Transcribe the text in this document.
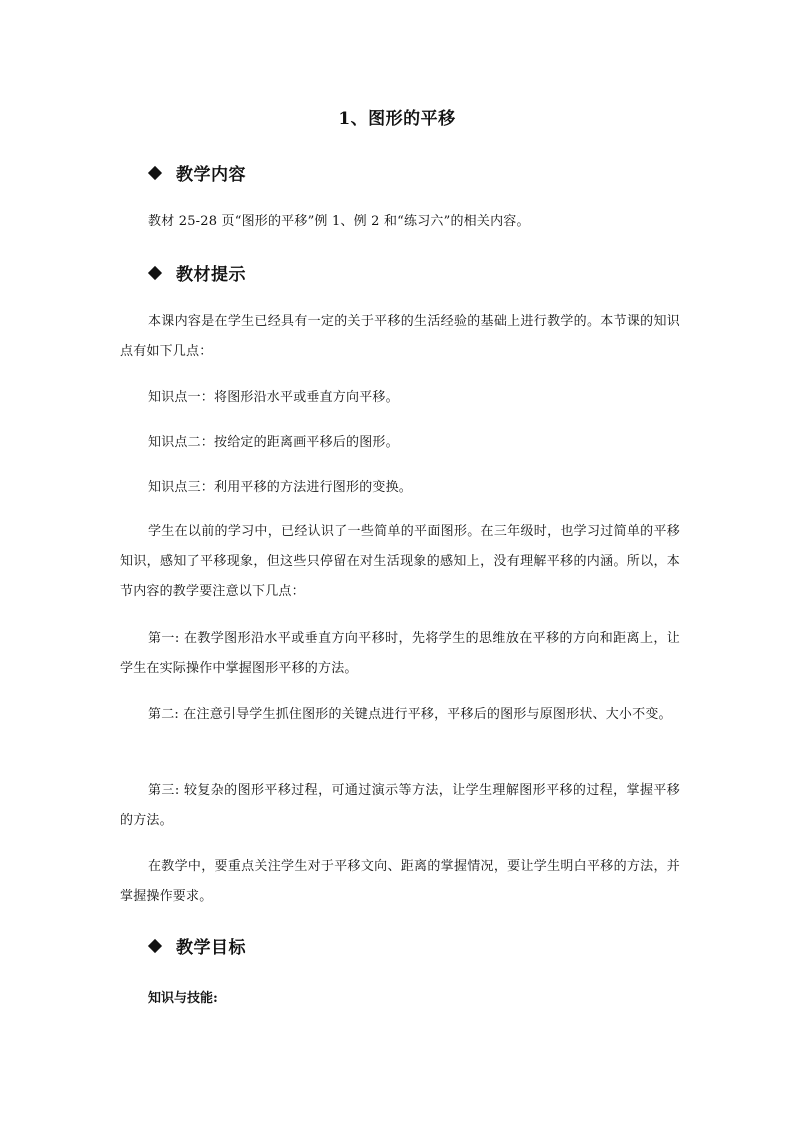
1、图形的平移
教学内容
教材 25-28 页“图形的平移”例 1、例 2 和“练习六”的相关内容。
教材提示
本课内容是在学生已经具有一定的关于平移的生活经验的基础上进行教学的。本节课的知识点有如下几点：
知识点一：将图形沿水平或垂直方向平移。
知识点二：按给定的距离画平移后的图形。
知识点三：利用平移的方法进行图形的变换。
学生在以前的学习中，已经认识了一些简单的平面图形。在三年级时，也学习过简单的平移知识，感知了平移现象，但这些只停留在对生活现象的感知上，没有理解平移的内涵。所以，本节内容的教学要注意以下几点：
第一: 在教学图形沿水平或垂直方向平移时，先将学生的思维放在平移的方向和距离上，让学生在实际操作中掌握图形平移的方法。
第二: 在注意引导学生抓住图形的关键点进行平移，平移后的图形与原图形状、大小不变。
第三: 较复杂的图形平移过程，可通过演示等方法，让学生理解图形平移的过程，掌握平移的方法。
在教学中，要重点关注学生对于平移文向、距离的掌握情况，要让学生明白平移的方法，并掌握操作要求。
教学目标
知识与技能:
